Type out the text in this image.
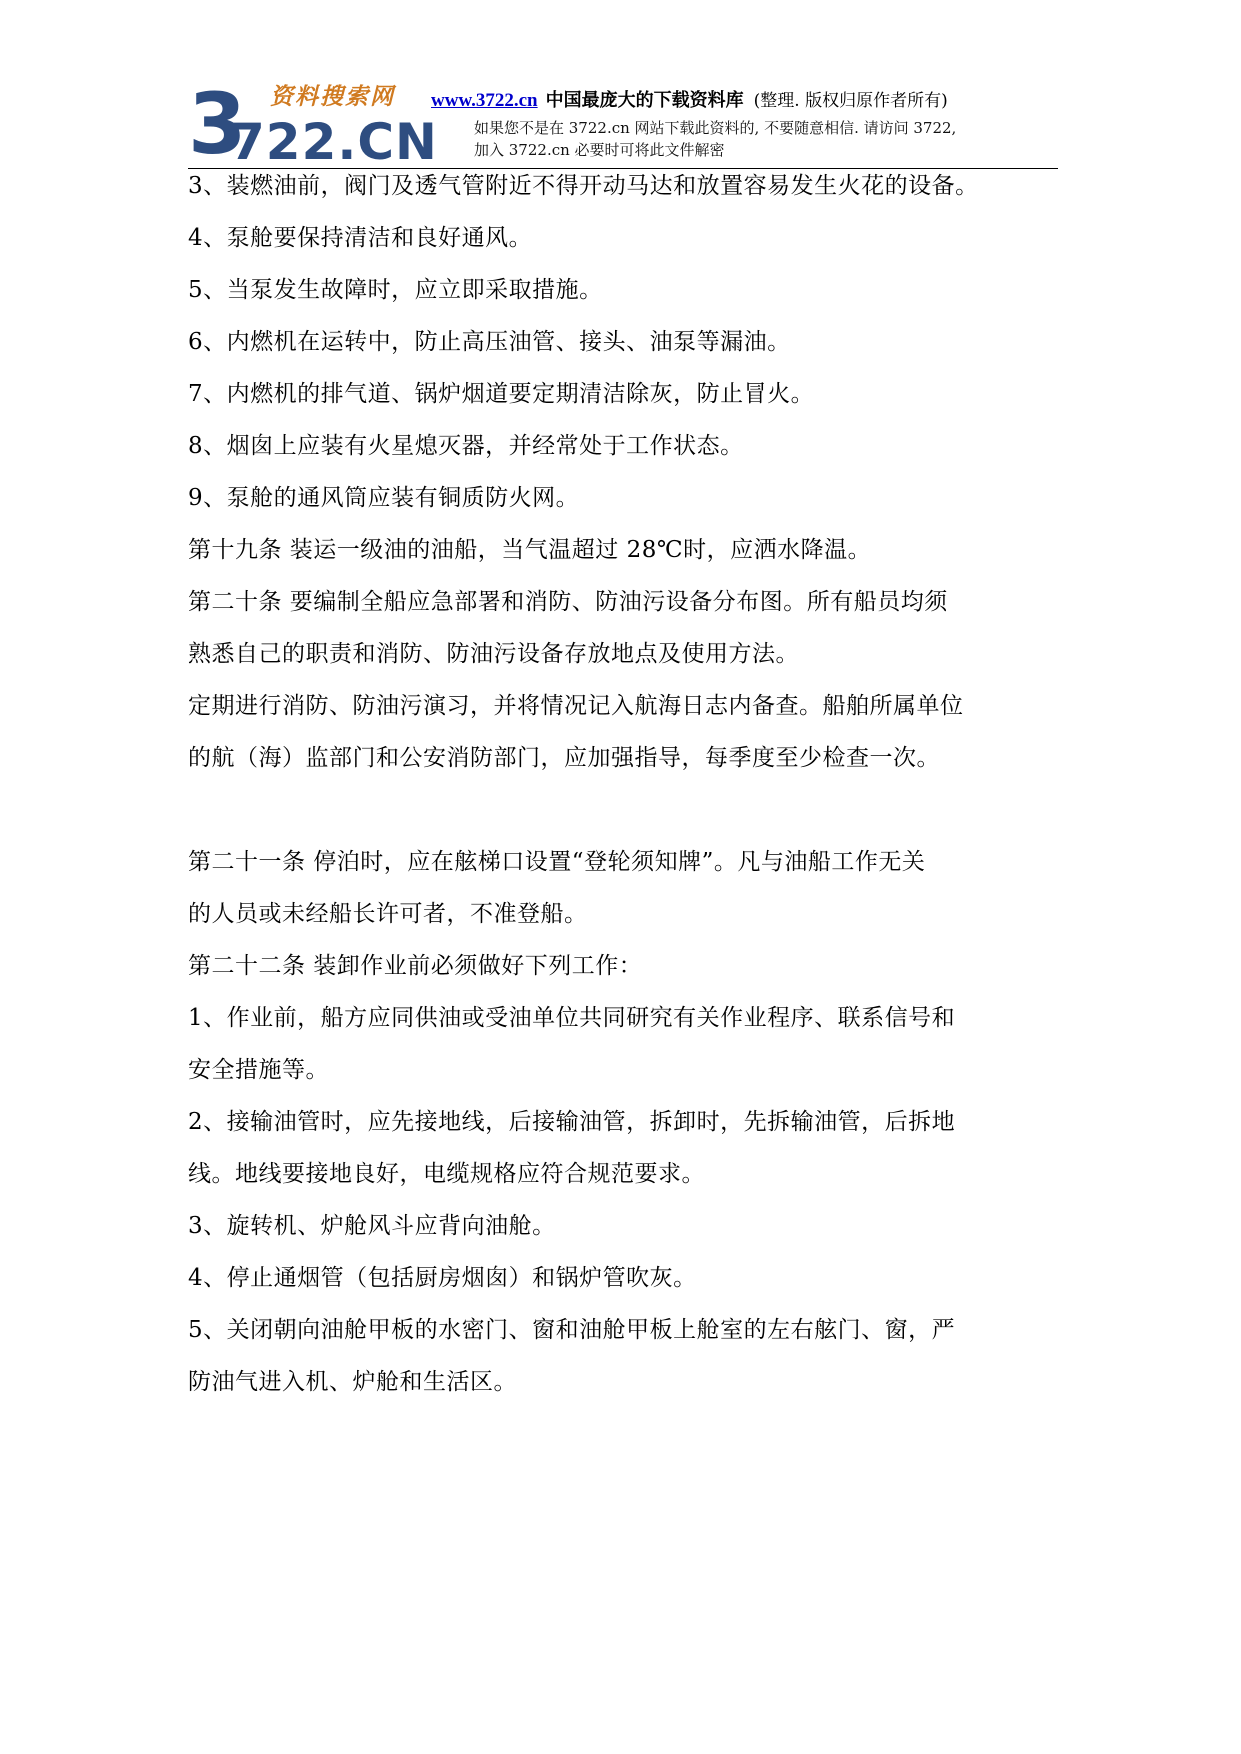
3
722.CN
资料搜索网 www.3722.cn 中国最庞大的下载资料库 (整理. 版权归原作者所有)
如果您不是在 3722.cn 网站下载此资料的, 不要随意相信. 请访问 3722,
加入 3722.cn 必要时可将此文件解密
3、装燃油前，阀门及透气管附近不得开动马达和放置容易发生火花的设备。
4、泵舱要保持清洁和良好通风。
5、当泵发生故障时，应立即采取措施。
6、内燃机在运转中，防止高压油管、接头、油泵等漏油。
7、内燃机的排气道、锅炉烟道要定期清洁除灰，防止冒火。
8、烟囱上应装有火星熄灭器，并经常处于工作状态。
9、泵舱的通风筒应装有铜质防火网。
第十九条 装运一级油的油船，当气温超过 28℃时，应洒水降温。
第二十条 要编制全船应急部署和消防、防油污设备分布图。所有船员均须
熟悉自己的职责和消防、防油污设备存放地点及使用方法。
定期进行消防、防油污演习，并将情况记入航海日志内备查。船舶所属单位
的航（海）监部门和公安消防部门，应加强指导，每季度至少检查一次。
第二十一条 停泊时，应在舷梯口设置“登轮须知牌”。凡与油船工作无关
的人员或未经船长许可者，不准登船。
第二十二条 装卸作业前必须做好下列工作：
1、作业前，船方应同供油或受油单位共同研究有关作业程序、联系信号和
安全措施等。
2、接输油管时，应先接地线，后接输油管，拆卸时，先拆输油管，后拆地
线。地线要接地良好，电缆规格应符合规范要求。
3、旋转机、炉舱风斗应背向油舱。
4、停止通烟管（包括厨房烟囱）和锅炉管吹灰。
5、关闭朝向油舱甲板的水密门、窗和油舱甲板上舱室的左右舷门、窗，严
防油气进入机、炉舱和生活区。
